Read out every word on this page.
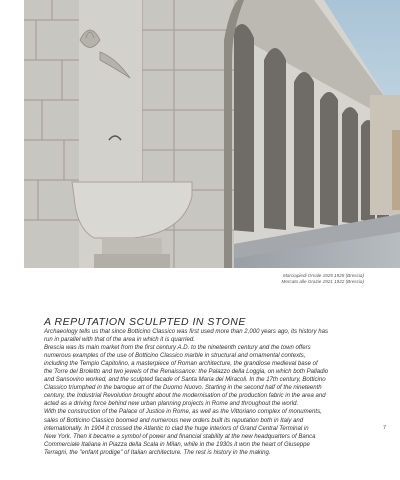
Marciapiedi Orvale 1925 1925 (Brescia)
Mercato alle Grazie 1921 1922 (Brescia)
A REPUTATION SCULPTED IN STONE

Archaeology tells us that since Botticino Classico was first used more than 2,000 years ago, its history has

run in parallel with that of the area in which it is quarried.

Brescia was its main market from the first century A.D. to the nineteenth century and the town offers

numerous examples of the use of Botticino Classico marble in structural and ornamental contexts,

including the Tempio Capitolino, a masterpiece of Roman architecture, the grandiose medieval base of

the Torre del Broletto and two jewels of the Renaissance: the Palazzo della Loggia, on which both Palladio

and Sansovino worked, and the sculpted facade of Santa Maria dei Miracoli. In the 17th century, Botticino

Classico triumphed in the baroque art of the Duomo Nuovo. Starting in the second half of the nineteenth

century, the Industrial Revolution brought about the modernisation of the production fabric in the area and

acted as a driving force behind new urban planning projects in Rome and throughout the world.

With the construction of the Palace of Justice in Rome, as well as the Vittoriano complex of monuments,

sales of Botticino Classico boomed and numerous new orders built its reputation both in Italy and

internationally. In 1904 it crossed the Atlantic to clad the huge interiors of Grand Central Terminal in

New York. Then it became a symbol of power and financial stability at the new headquarters of Banca

Commerciale Italiana in Piazza della Scala in Milan, while in the 1930s it won the heart of Giuseppe

Terragni, the "enfant prodige" of Italian architecture. The rest is history in the making.

7
